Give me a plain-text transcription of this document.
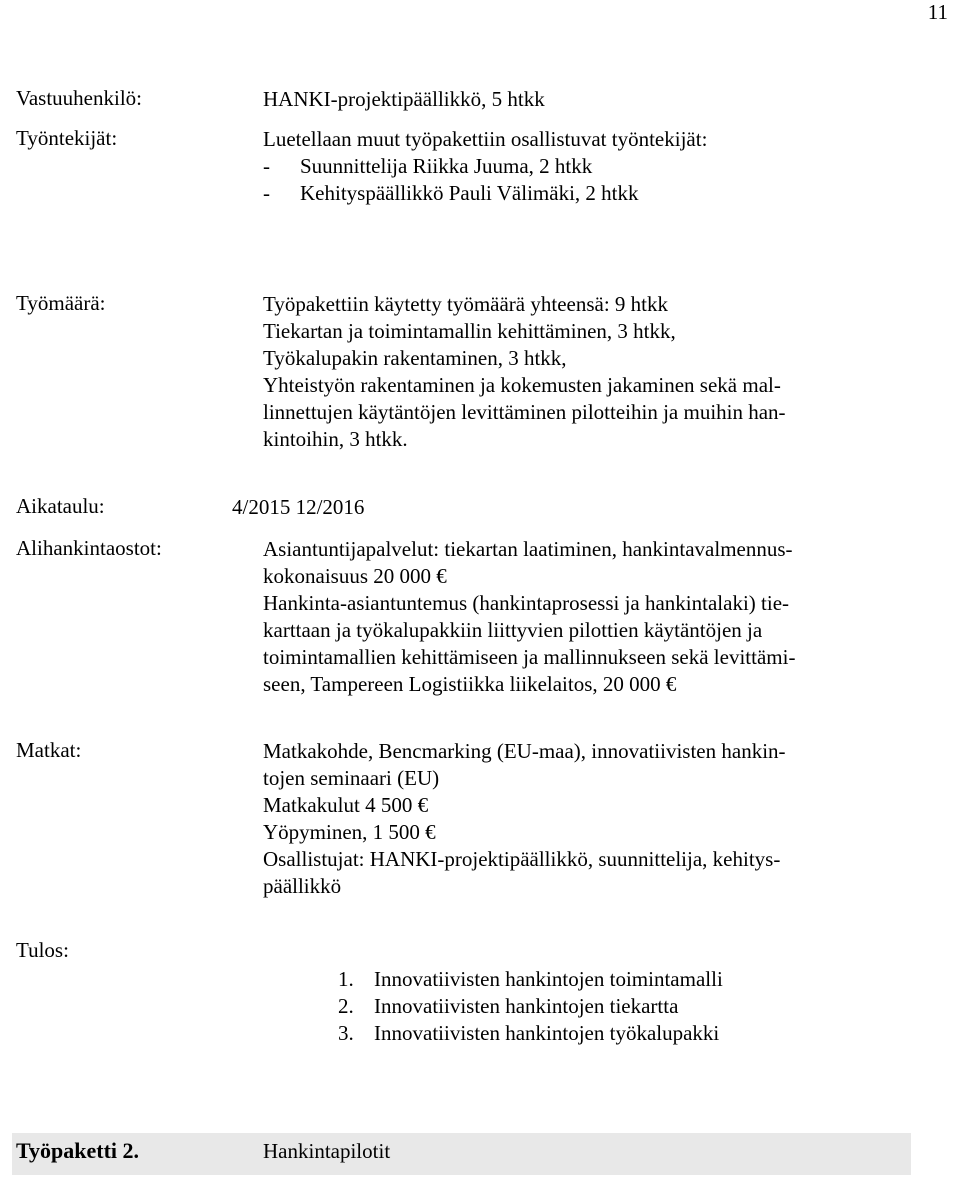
11
Vastuuhenkilö:	HANKI-projektipäällikkö, 5 htkk
Työntekijät:	Luetellaan muut työpakettiin osallistuvat työntekijät:
- Suunnittelija Riikka Juuma, 2 htkk
- Kehityspäällikkö Pauli Välimäki, 2 htkk
Työmäärä:	Työpakettiin käytetty työmäärä yhteensä: 9 htkk
Tiekartan ja toimintamallin kehittäminen, 3 htkk,
Työkalupakin rakentaminen, 3 htkk,
Yhteistyön rakentaminen ja kokemusten jakaminen sekä mal-
linnettujen käytäntöjen levittäminen pilotteihin ja muihin han-
kintoihin, 3 htkk.
Aikataulu:	4/2015 12/2016
Alihankintaostot:	Asiantuntijapalvelut: tiekartan laatiminen, hankintavalmennus-
kokonaisuus 20 000 €
Hankinta-asiantuntemus (hankintaprosessi ja hankintalaki) tie-
karttaan ja työkalupakkiin liittyvien pilottien käytäntöjen ja
toimintamallien kehittämiseen ja mallinnukseen sekä levittämi-
seen, Tampereen Logistiikka liikelaitos, 20 000 €
Matkat:	Matkakohde, Bencmarking (EU-maa), innovatiivisten hankin-
tojen seminaari (EU)
Matkakulut 4 500 €
Yöpyminen, 1 500 €
Osallistujat: HANKI-projektipäällikkö, suunnittelija, kehitys-
päällikkö
Tulos:
1. Innovatiivisten hankintojen toimintamalli
2. Innovatiivisten hankintojen tiekartta
3. Innovatiivisten hankintojen työkalupakki
Työpaketti 2.	Hankintapilotit
